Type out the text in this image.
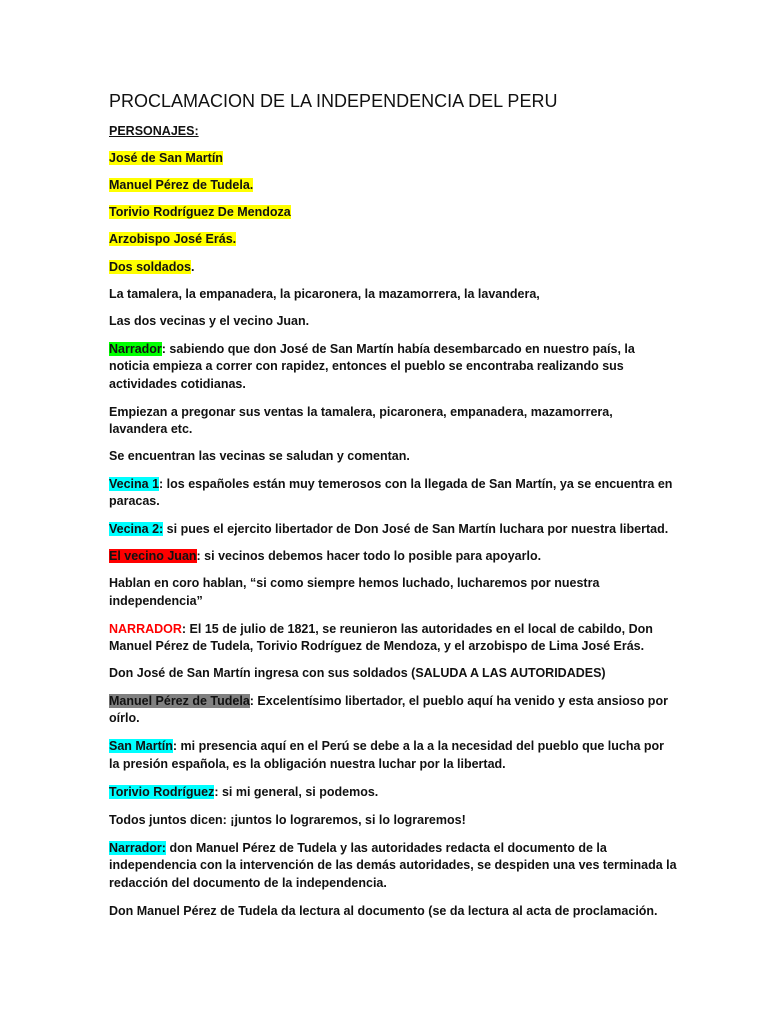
PROCLAMACION DE LA INDEPENDENCIA DEL PERU
PERSONAJES:
José de San Martín
Manuel Pérez de Tudela.
Torivio Rodríguez De Mendoza
Arzobispo José Erás.
Dos soldados.
La tamalera, la empanadera, la picaronera, la mazamorrera, la lavandera,
Las dos vecinas y el vecino Juan.
Narrador: sabiendo que don José de San Martín había desembarcado en nuestro país, la
noticia empieza a correr con rapidez, entonces el pueblo se encontraba realizando sus
actividades cotidianas.
Empiezan a pregonar sus ventas la tamalera, picaronera, empanadera, mazamorrera,
lavandera etc.
Se encuentran las vecinas se saludan y comentan.
Vecina 1: los españoles están muy temerosos con la llegada de San Martín, ya se encuentra en
paracas.
Vecina 2: si pues el ejercito libertador de Don José de San Martín luchara por nuestra libertad.
El vecino Juan: si vecinos debemos hacer todo lo posible para apoyarlo.
Hablan en coro hablan, “si como siempre hemos luchado, lucharemos por nuestra
independencia”
NARRADOR: El 15 de julio de 1821, se reunieron las autoridades en el local de cabildo, Don
Manuel Pérez de Tudela, Torivio Rodríguez de Mendoza, y el arzobispo de Lima José Erás.
Don José de San Martín ingresa con sus soldados (SALUDA A LAS AUTORIDADES)
Manuel Pérez de Tudela: Excelentísimo libertador, el pueblo aquí ha venido y esta ansioso por
oírlo.
San Martín: mi presencia aquí en el Perú se debe a la a la necesidad del pueblo que lucha por
la presión española, es la obligación nuestra luchar por la libertad.
Torivio Rodríguez: si mi general, si podemos.
Todos juntos dicen: ¡juntos lo lograremos, si lo lograremos!
Narrador: don Manuel Pérez de Tudela y las autoridades redacta el documento de la
independencia con la intervención de las demás autoridades, se despiden una ves terminada la
redacción del documento de la independencia.
Don Manuel Pérez de Tudela da lectura al documento (se da lectura al acta de proclamación.
